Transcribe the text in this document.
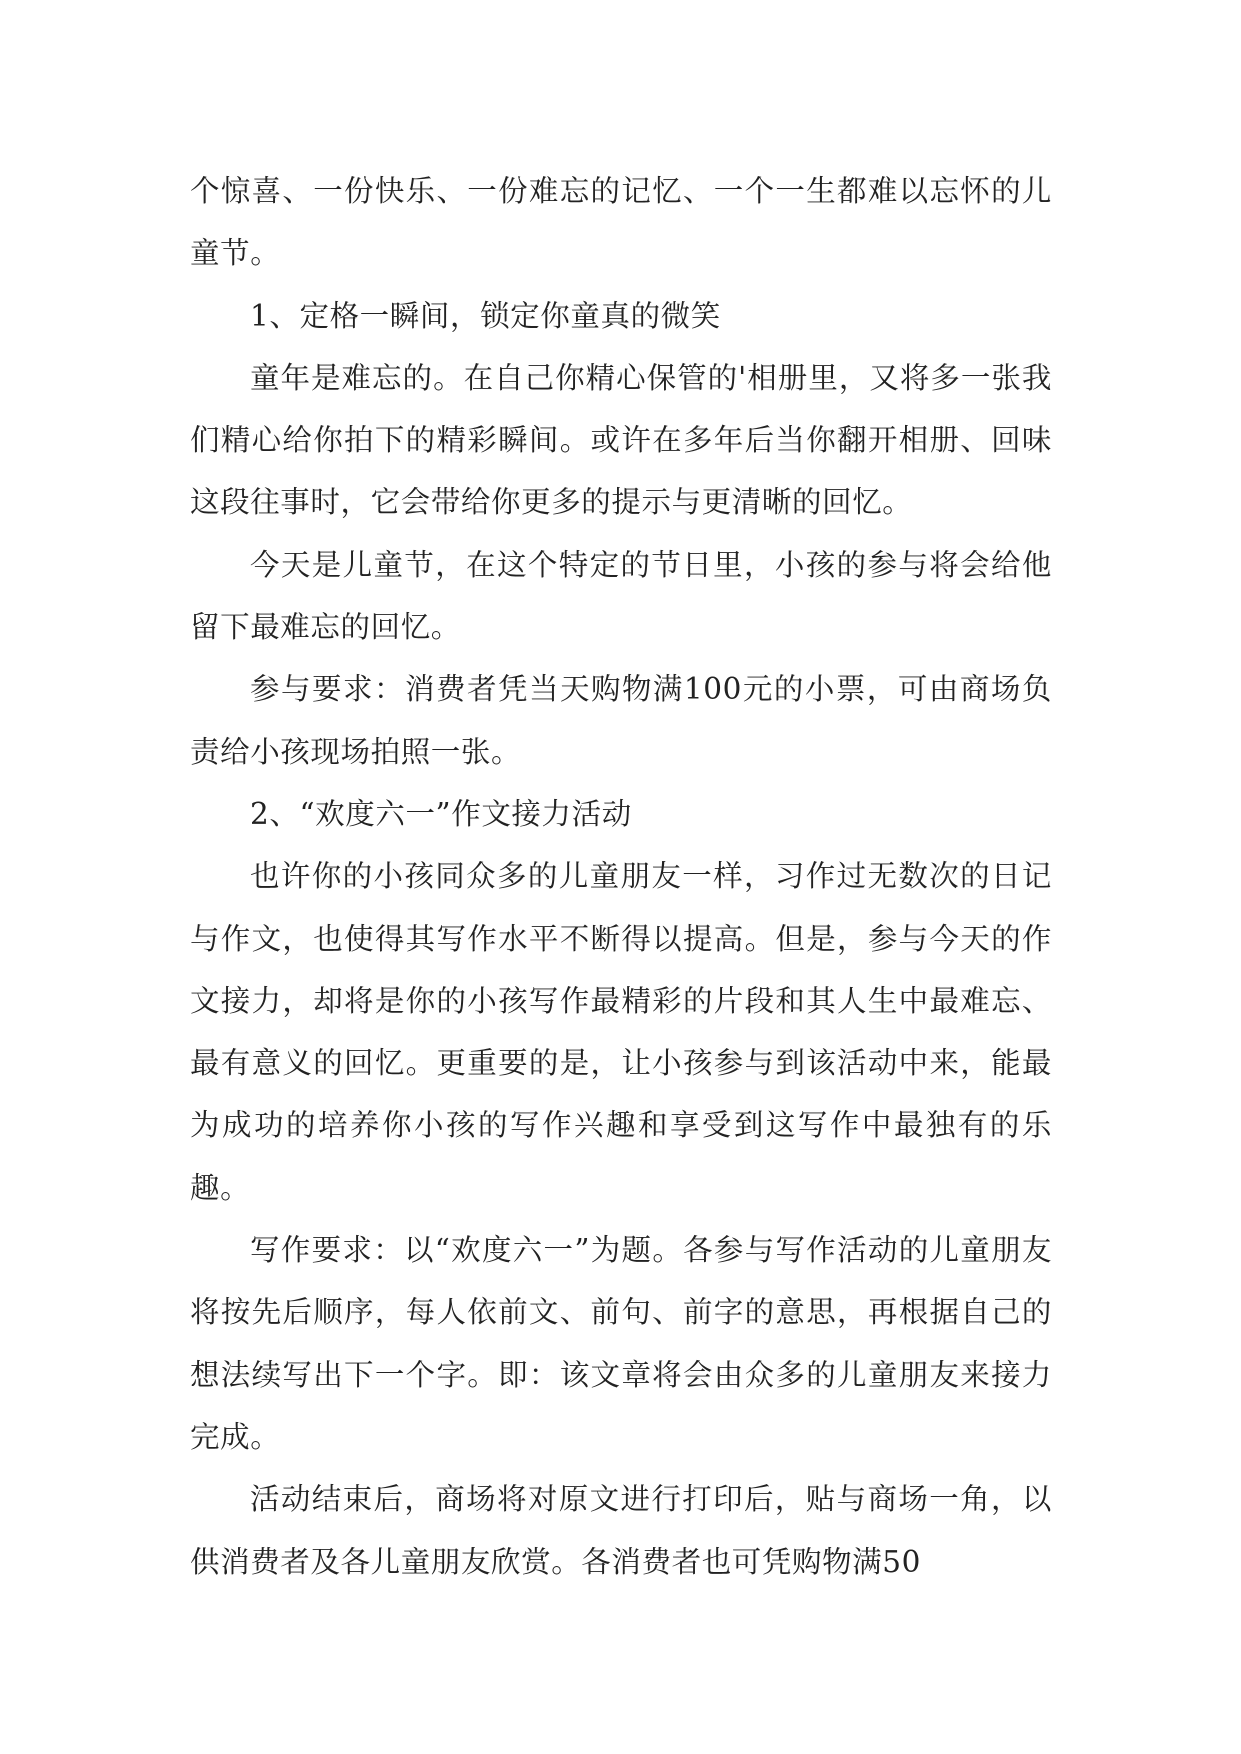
个惊喜、一份快乐、一份难忘的记忆、一个一生都难以忘怀的儿童节。

1、定格一瞬间，锁定你童真的微笑

童年是难忘的。在自己你精心保管的'相册里，又将多一张我们精心给你拍下的精彩瞬间。或许在多年后当你翻开相册、回味这段往事时，它会带给你更多的提示与更清晰的回忆。

今天是儿童节，在这个特定的节日里，小孩的参与将会给他留下最难忘的回忆。

参与要求：消费者凭当天购物满100元的小票，可由商场负责给小孩现场拍照一张。

2、“欢度六一”作文接力活动

也许你的小孩同众多的儿童朋友一样，习作过无数次的日记与作文，也使得其写作水平不断得以提高。但是，参与今天的作文接力，却将是你的小孩写作最精彩的片段和其人生中最难忘、最有意义的回忆。更重要的是，让小孩参与到该活动中来，能最为成功的培养你小孩的写作兴趣和享受到这写作中最独有的乐趣。

写作要求：以“欢度六一”为题。各参与写作活动的儿童朋友将按先后顺序，每人依前文、前句、前字的意思，再根据自己的想法续写出下一个字。即：该文章将会由众多的儿童朋友来接力完成。

活动结束后，商场将对原文进行打印后，贴与商场一角，以供消费者及各儿童朋友欣赏。各消费者也可凭购物满50
